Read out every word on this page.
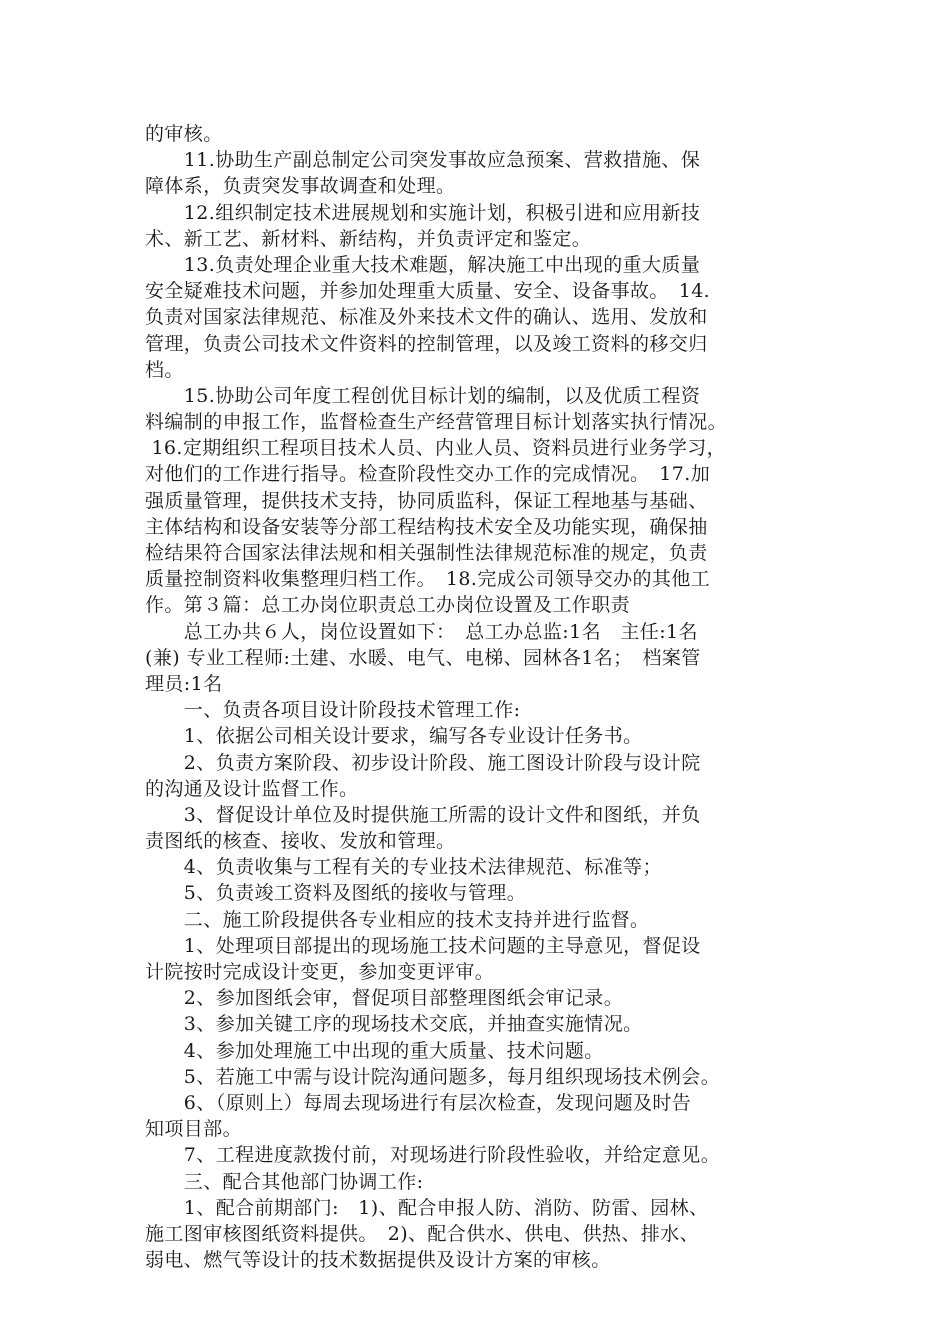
的审核。
　　11.协助生产副总制定公司突发事故应急预案、营救措施、保
障体系，负责突发事故调查和处理。
　　12.组织制定技术进展规划和实施计划，积极引进和应用新技
术、新工艺、新材料、新结构，并负责评定和鉴定。
　　13.负责处理企业重大技术难题，解决施工中出现的重大质量
安全疑难技术问题，并参加处理重大质量、安全、设备事故。　14.
负责对国家法律规范、标准及外来技术文件的确认、选用、发放和
管理，负责公司技术文件资料的控制管理，以及竣工资料的移交归
档。
　　15.协助公司年度工程创优目标计划的编制，以及优质工程资
料编制的申报工作，监督检查生产经营管理目标计划落实执行情况。
16.定期组织工程项目技术人员、内业人员、资料员进行业务学习，
对他们的工作进行指导。检查阶段性交办工作的完成情况。　17.加
强质量管理，提供技术支持，协同质监科，保证工程地基与基础、
主体结构和设备安装等分部工程结构技术安全及功能实现，确保抽
检结果符合国家法律法规和相关强制性法律规范标准的规定，负责
质量控制资料收集整理归档工作。　18.完成公司领导交办的其他工
作。第３篇：总工办岗位职责总工办岗位设置及工作职责
　　总工办共６人，岗位设置如下：　总工办总监:1名　主任:1名
(兼) 专业工程师:土建、水暖、电气、电梯、园林各1名；　档案管
理员:1名
　　一、负责各项目设计阶段技术管理工作:
　　1、依据公司相关设计要求，编写各专业设计任务书。
　　2、负责方案阶段、初步设计阶段、施工图设计阶段与设计院
的沟通及设计监督工作。
　　3、督促设计单位及时提供施工所需的设计文件和图纸，并负
责图纸的核查、接收、发放和管理。
　　4、负责收集与工程有关的专业技术法律规范、标准等；
　　5、负责竣工资料及图纸的接收与管理。
　　二、施工阶段提供各专业相应的技术支持并进行监督。
　　1、处理项目部提出的现场施工技术问题的主导意见，督促设
计院按时完成设计变更，参加变更评审。
　　2、参加图纸会审，督促项目部整理图纸会审记录。
　　3、参加关键工序的现场技术交底，并抽查实施情况。
　　4、参加处理施工中出现的重大质量、技术问题。
　　5、若施工中需与设计院沟通问题多，每月组织现场技术例会。
　　6、（原则上）每周去现场进行有层次检查，发现问题及时告
知项目部。
　　7、工程进度款拨付前，对现场进行阶段性验收，并给定意见。
　　三、配合其他部门协调工作:
　　1、配合前期部门:　1)、配合申报人防、消防、防雷、园林、
施工图审核图纸资料提供。　2)、配合供水、供电、供热、排水、
弱电、燃气等设计的技术数据提供及设计方案的审核。
